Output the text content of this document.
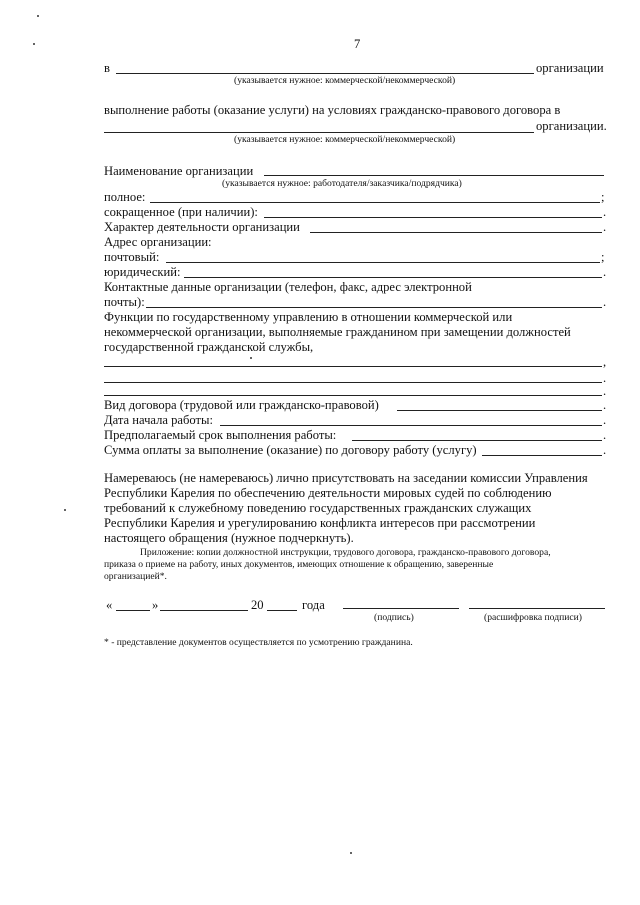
7
в	организации
(указывается нужное: коммерческой/некоммерческой)
выполнение работы (оказание услуги) на условиях гражданско-правового договора в
организации.
(указывается нужное: коммерческой/некоммерческой)
Наименование организации
(указывается нужное: работодателя/заказчика/подрядчика)
полное:	;
сокращенное (при наличии):	.
Характер деятельности организации	.
Адрес организации:
почтовый:	;
юридический:	.
Контактные данные организации (телефон, факс, адрес электронной
почты):	.
Функции по государственному управлению в отношении коммерческой или
некоммерческой организации, выполняемые гражданином при замещении должностей
государственной гражданской службы,
,
.
.
Вид договора (трудовой или гражданско-правовой)	.
Дата начала работы:	.
Предполагаемый срок выполнения работы:	.
Сумма оплаты за выполнение (оказание) по договору работу (услугу)	.
Намереваюсь (не намереваюсь) лично присутствовать на заседании комиссии Управления
Республики Карелия по обеспечению деятельности мировых судей по соблюдению
требований к служебному поведению государственных гражданских служащих
Республики Карелия и урегулированию конфликта интересов при рассмотрении
настоящего обращения (нужное подчеркнуть).
Приложение: копии должностной инструкции, трудового договора, гражданско-правового договора,
приказа о приеме на работу, иных документов, имеющих отношение к обращению, заверенные
организацией*.
«	»	20	года
(подпись)	(расшифровка подписи)
* - представление документов осуществляется по усмотрению гражданина.
